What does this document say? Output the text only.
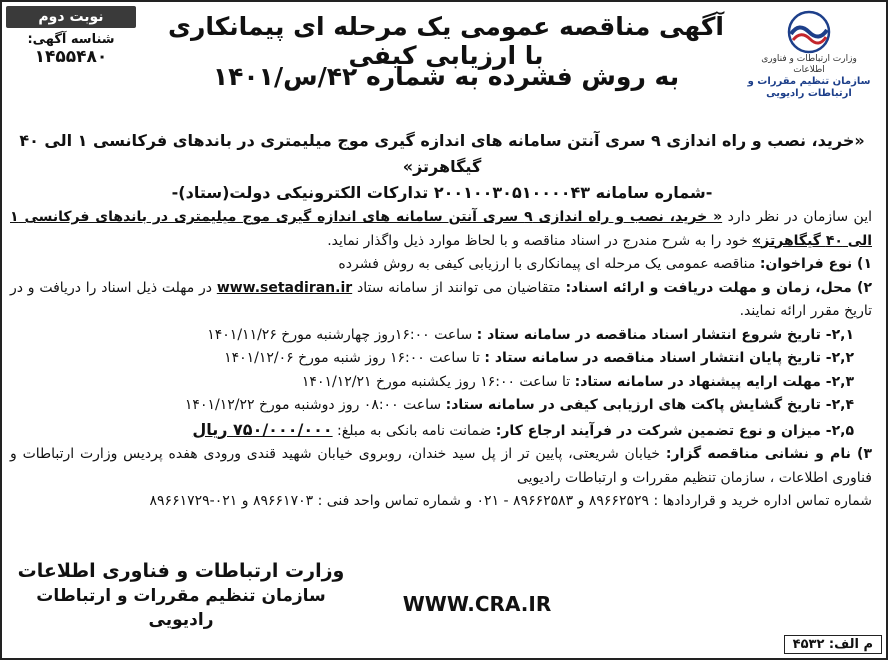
نوبت دوم
شناسه آگهی:
۱۴۵۵۴۸۰	وزارت ارتباطات و فناوری اطلاعات
سازمان تنظیم مقررات و ارتباطات رادیویی
آگهی مناقصه عمومی یک مرحله ای پیمانکاری با ارزیابی کیفی
به روش فشرده به شماره ۴۲/س/۱۴۰۱
«خرید، نصب و راه اندازی ۹ سری آنتن سامانه های اندازه گیری موج میلیمتری در باندهای فرکانسی ۱ الی ۴۰ گیگاهرتز»
-شماره سامانه ۲۰۰۱۰۰۳۰۵۱۰۰۰۰۴۳ تدارکات الکترونیکی دولت(ستاد)-

این سازمان در نظر دارد « خرید، نصب و راه اندازی ۹ سری آنتن سامانه های اندازه گیری موج میلیمتری در باندهای فرکانسی ۱ الی ۴۰ گیگاهرتز» خود را به شرح مندرج در اسناد مناقصه و با لحاظ موارد ذیل واگذار نماید.

۱) نوع فراخوان: مناقصه عمومی یک مرحله ای پیمانکاری با ارزیابی کیفی به روش فشرده

۲) محل، زمان و مهلت دریافت و ارائه اسناد: متقاضیان می توانند از سامانه ستاد www.setadiran.ir در مهلت ذیل اسناد را دریافت و در تاریخ مقرر ارائه نمایند.

۲,۱- تاریخ شروع انتشار اسناد مناقصه در سامانه ستاد : ساعت ۱۶:۰۰روز چهارشنبه مورخ ۱۴۰۱/۱۱/۲۶

۲,۲- تاریخ پایان انتشار اسناد مناقصه در سامانه ستاد : تا ساعت ۱۶:۰۰ روز شنبه مورخ ۱۴۰۱/۱۲/۰۶

۲,۳- مهلت ارایه پیشنهاد در سامانه ستاد: تا ساعت ۱۶:۰۰ روز یکشنبه مورخ ۱۴۰۱/۱۲/۲۱

۲,۴- تاریخ گشایش پاکت های ارزیابی کیفی در سامانه ستاد: ساعت ۰۸:۰۰ روز دوشنبه مورخ ۱۴۰۱/۱۲/۲۲

۲,۵- میزان و نوع تضمین شرکت در فرآیند ارجاع کار: ضمانت نامه بانکی به مبلغ: ۷۵۰/۰۰۰/۰۰۰ ریال

۳) نام و نشانی مناقصه گزار: خیابان شریعتی، پایین تر از پل سید خندان، روبروی خیابان شهید قندی ورودی هفده پردیس وزارت ارتباطات و فناوری اطلاعات ، سازمان تنظیم مقررات و ارتباطات رادیویی

شماره تماس اداره خرید و قراردادها : ۸۹۶۶۲۵۲۹ و ۸۹۶۶۲۵۸۳ - ۰۲۱ و شماره تماس واحد فنی : ۸۹۶۶۱۷۰۳ و ۰۲۱-۸۹۶۶۱۷۲۹

وزارت ارتباطات و فناوری اطلاعات
سازمان تنظیم مقررات و ارتباطات رادیویی
WWW.CRA.IR
م الف: ۴۵۳۲
